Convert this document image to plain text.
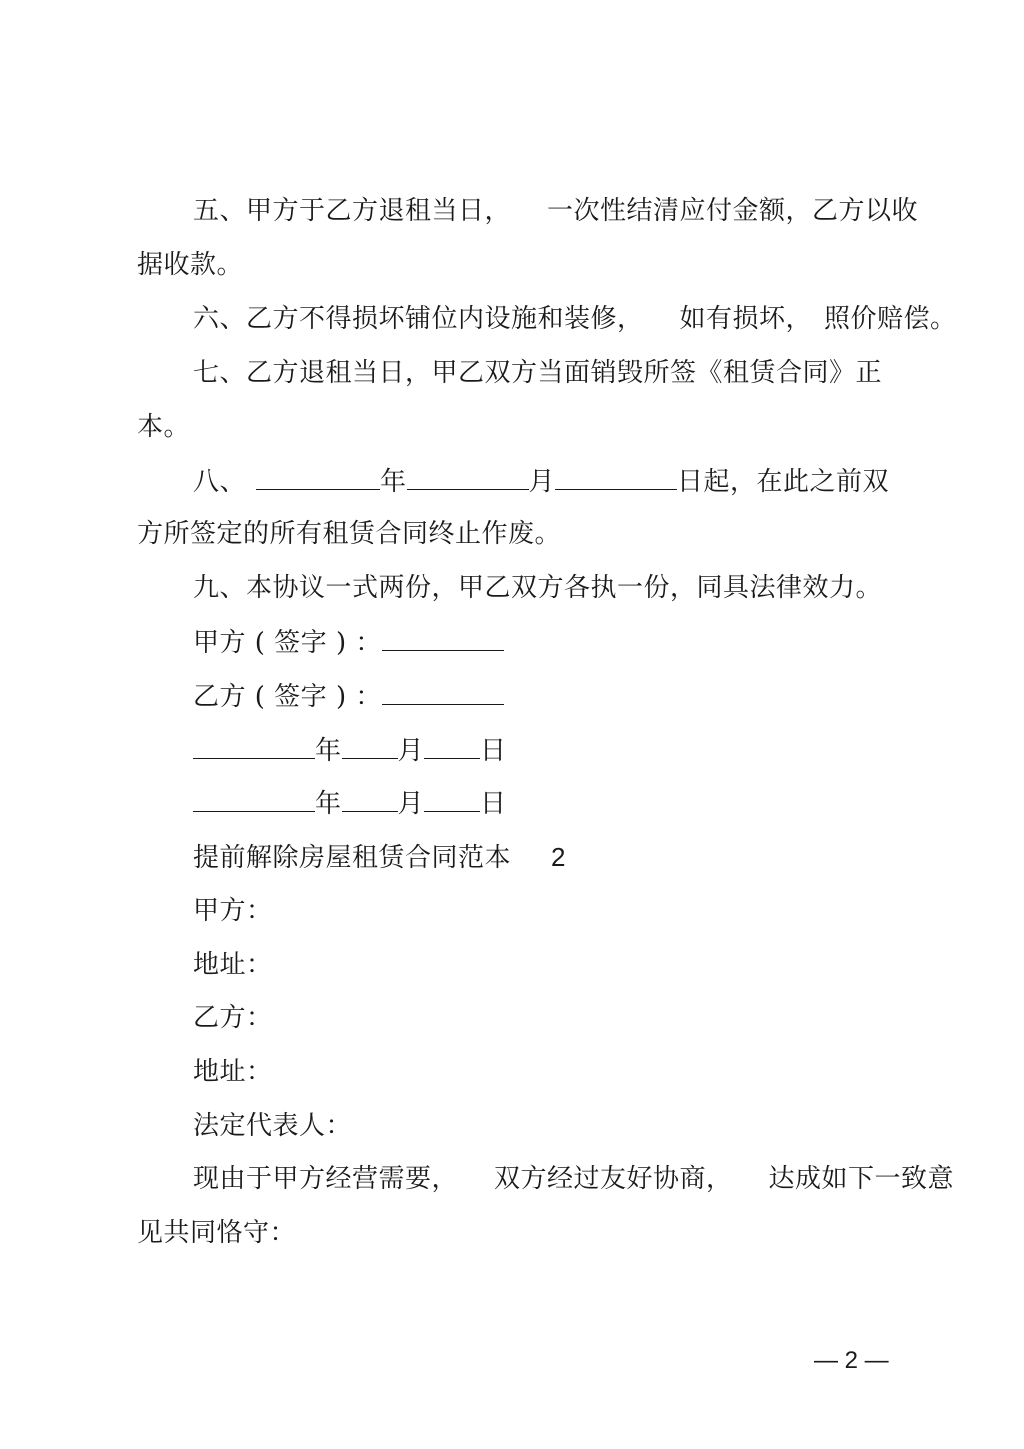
五、甲方于乙方退租当日， 一次性结清应付金额，乙方以收
据收款。
六、乙方不得损坏铺位内设施和装修， 如有损坏， 照价赔偿。
七、乙方退租当日，甲乙双方当面销毁所签《租赁合同》正
本。
八、	年	月	日起，在此之前双
方所签定的所有租赁合同终止作废。
九、本协议一式两份，甲乙双方各执一份，同具法律效力。
甲方 ( 签字 ) ：
乙方 ( 签字 ) ：
年 月 日
年 月 日
提前解除房屋租赁合同范本 2
甲方：
地址：
乙方：
地址：
法定代表人：
现由于甲方经营需要， 双方经过友好协商， 达成如下一致意
见共同恪守：
— 2 —
